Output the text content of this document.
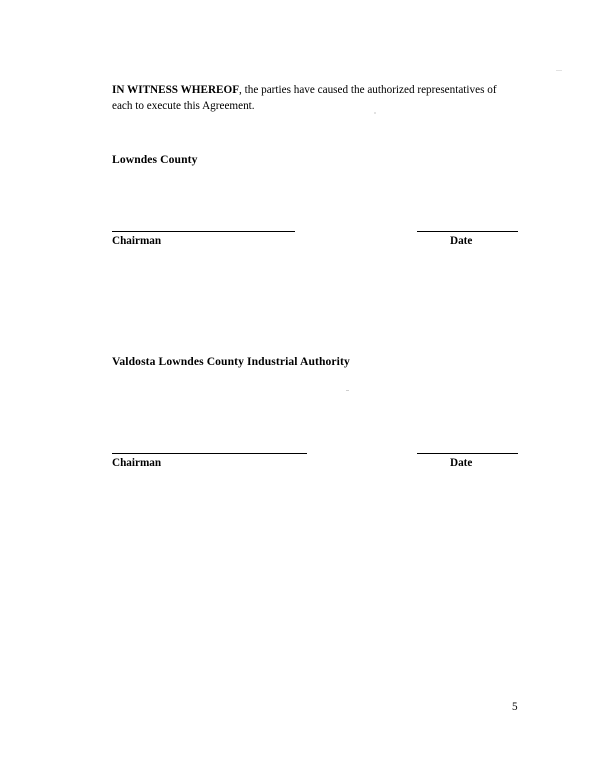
IN WITNESS WHEREOF, the parties have caused the authorized representatives of each to execute this Agreement.

Lowndes County
Chairman	Date
Valdosta Lowndes County Industrial Authority
Chairman	Date
5
